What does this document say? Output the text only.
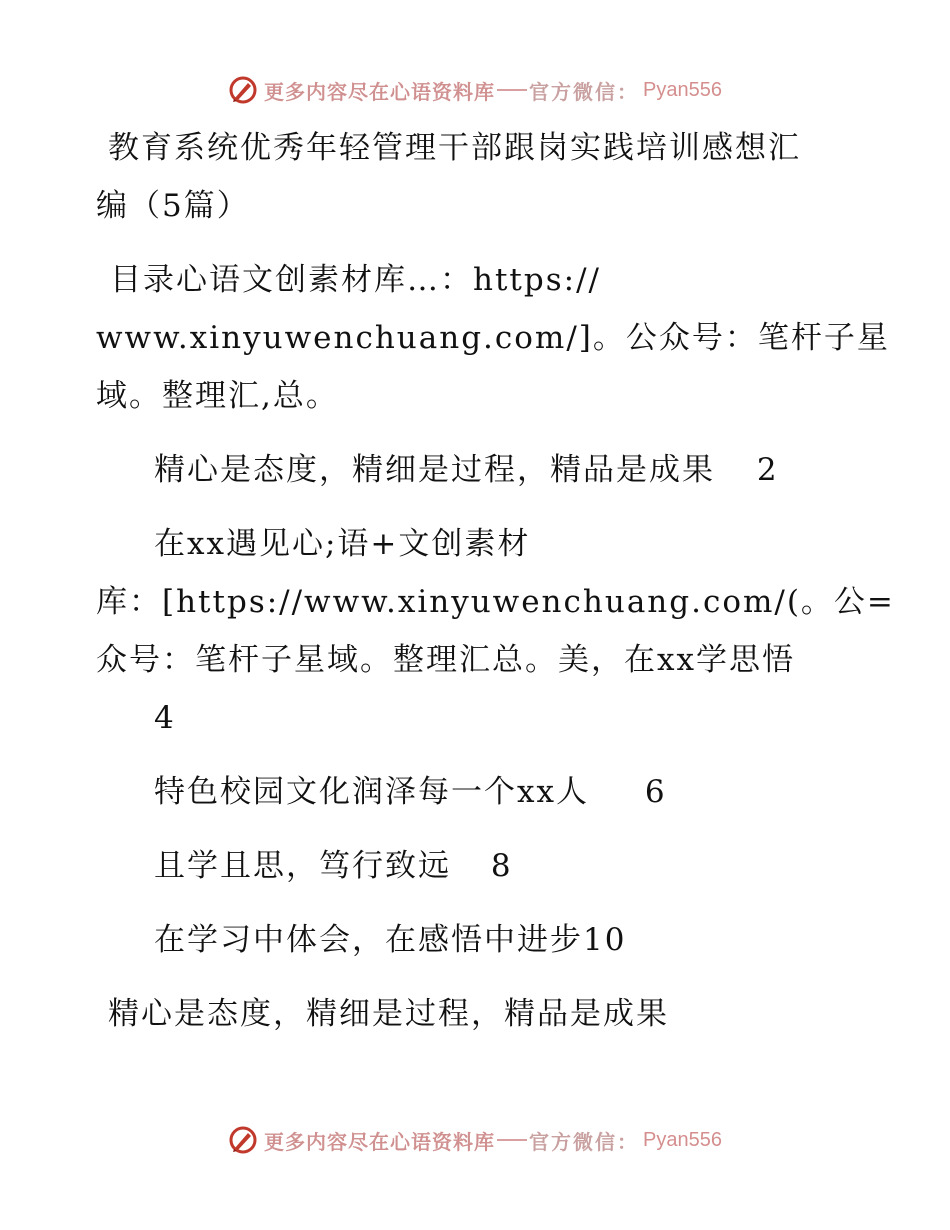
更多内容尽在心语资料库 官方微信： Pyan556

教育系统优秀年轻管理干部跟岗实践培训感想汇

编（5篇）

目录心语文创素材库…：https://

www.xinyuwenchuang.com/]。公众号：笔杆子星

域。整理汇,总。

精心是态度，精细是过程，精品是成果 2

在xx遇见心;语+文创素材

库：[https://www.xinyuwenchuang.com/(。公=

众号：笔杆子星域。整理汇总。美，在xx学思悟

4

特色校园文化润泽每一个xx人 6

且学且思，笃行致远 8

在学习中体会，在感悟中进步10

精心是态度，精细是过程，精品是成果

更多内容尽在心语资料库 官方微信： Pyan556
